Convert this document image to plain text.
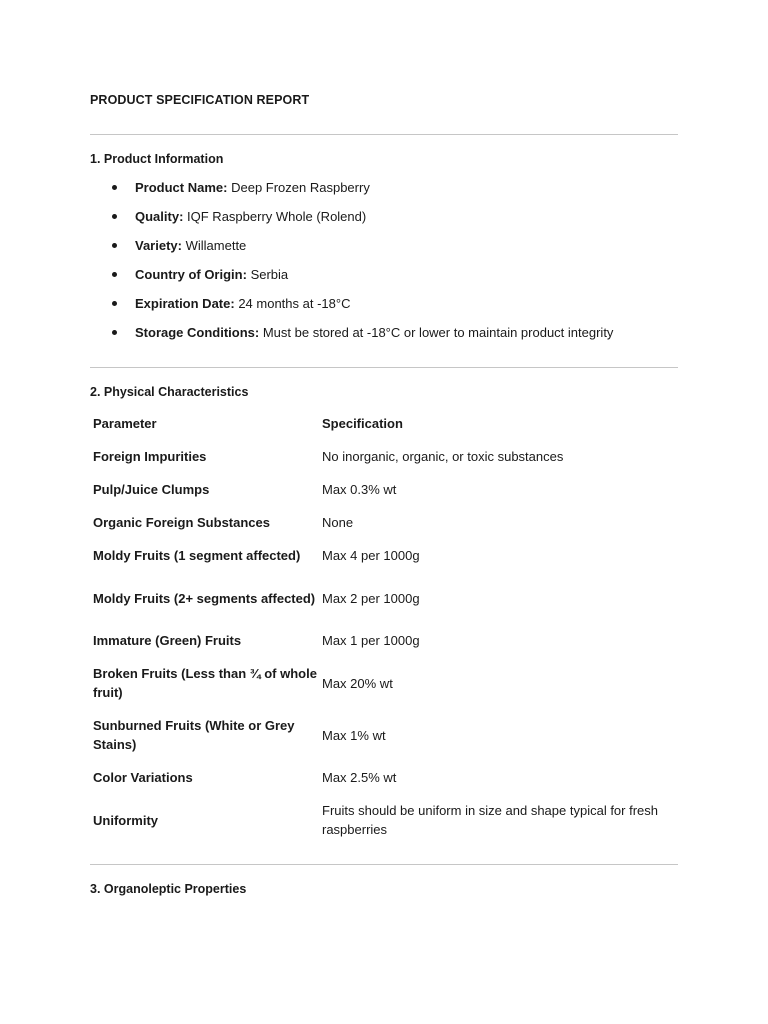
PRODUCT SPECIFICATION REPORT
1. Product Information
Product Name: Deep Frozen Raspberry
Quality: IQF Raspberry Whole (Rolend)
Variety: Willamette
Country of Origin: Serbia
Expiration Date: 24 months at -18°C
Storage Conditions: Must be stored at -18°C or lower to maintain product integrity
2. Physical Characteristics
Parameter	Specification
Foreign Impurities	No inorganic, organic, or toxic substances
Pulp/Juice Clumps	Max 0.3% wt
Organic Foreign Substances	None
Moldy Fruits (1 segment affected)	Max 4 per 1000g
Moldy Fruits (2+ segments affected)	Max 2 per 1000g
Immature (Green) Fruits	Max 1 per 1000g
Broken Fruits (Less than ¾ of whole fruit)	Max 20% wt
Sunburned Fruits (White or Grey Stains)	Max 1% wt
Color Variations	Max 2.5% wt
Uniformity	Fruits should be uniform in size and shape typical for fresh raspberries
3. Organoleptic Properties
